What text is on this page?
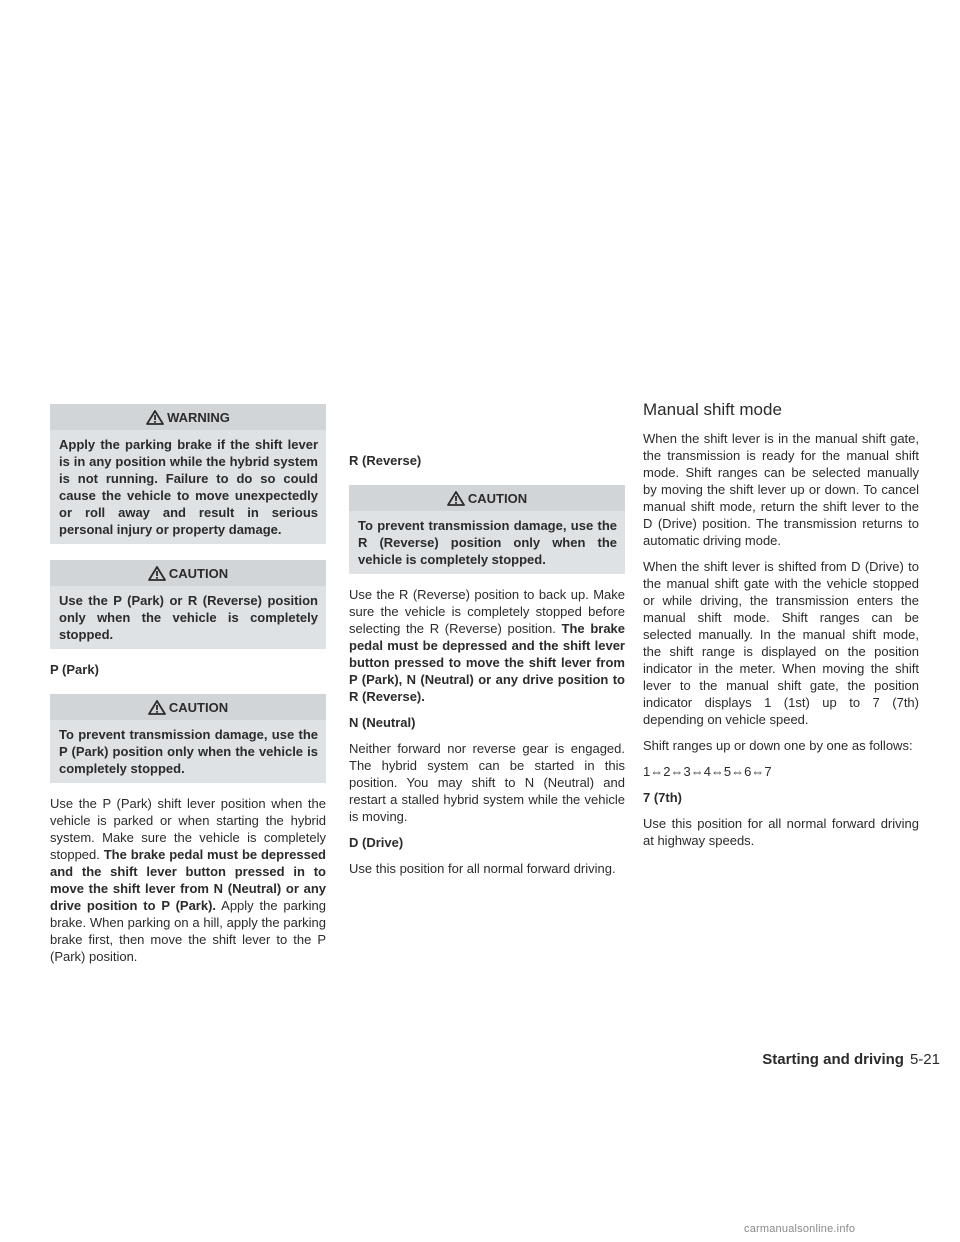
WARNING
Apply the parking brake if the shift lever is in any position while the hybrid system is not running. Failure to do so could cause the vehicle to move unexpectedly or roll away and result in serious personal injury or property damage.
CAUTION
Use the P (Park) or R (Reverse) position only when the vehicle is completely stopped.
P (Park)
CAUTION
To prevent transmission damage, use the P (Park) position only when the vehicle is completely stopped.

Use the P (Park) shift lever position when the vehicle is parked or when starting the hybrid system. Make sure the vehicle is completely stopped. The brake pedal must be depressed and the shift lever button pressed in to move the shift lever from N (Neutral) or any drive position to P (Park). Apply the parking brake. When parking on a hill, apply the parking brake first, then move the shift lever to the P (Park) position.

R (Reverse)
CAUTION
To prevent transmission damage, use the R (Reverse) position only when the vehicle is completely stopped.

Use the R (Reverse) position to back up. Make sure the vehicle is completely stopped before selecting the R (Reverse) position. The brake pedal must be depressed and the shift lever button pressed to move the shift lever from P (Park), N (Neutral) or any drive position to R (Reverse).

N (Neutral)

Neither forward nor reverse gear is engaged. The hybrid system can be started in this position. You may shift to N (Neutral) and restart a stalled hybrid system while the vehicle is moving.

D (Drive)

Use this position for all normal forward driving.

Manual shift mode

When the shift lever is in the manual shift gate, the transmission is ready for the manual shift mode. Shift ranges can be selected manually by moving the shift lever up or down. To cancel manual shift mode, return the shift lever to the D (Drive) position. The transmission returns to automatic driving mode.

When the shift lever is shifted from D (Drive) to the manual shift gate with the vehicle stopped or while driving, the transmission enters the manual shift mode. Shift ranges can be selected manually. In the manual shift mode, the shift range is displayed on the position indicator in the meter. When moving the shift lever to the manual shift gate, the position indicator displays 1 (1st) up to 7 (7th) depending on vehicle speed.

Shift ranges up or down one by one as follows:

1⇔2⇔3⇔4⇔5⇔6⇔7

7 (7th)

Use this position for all normal forward driving at highway speeds.

Starting and driving 5-21
carmanualsonline.info
